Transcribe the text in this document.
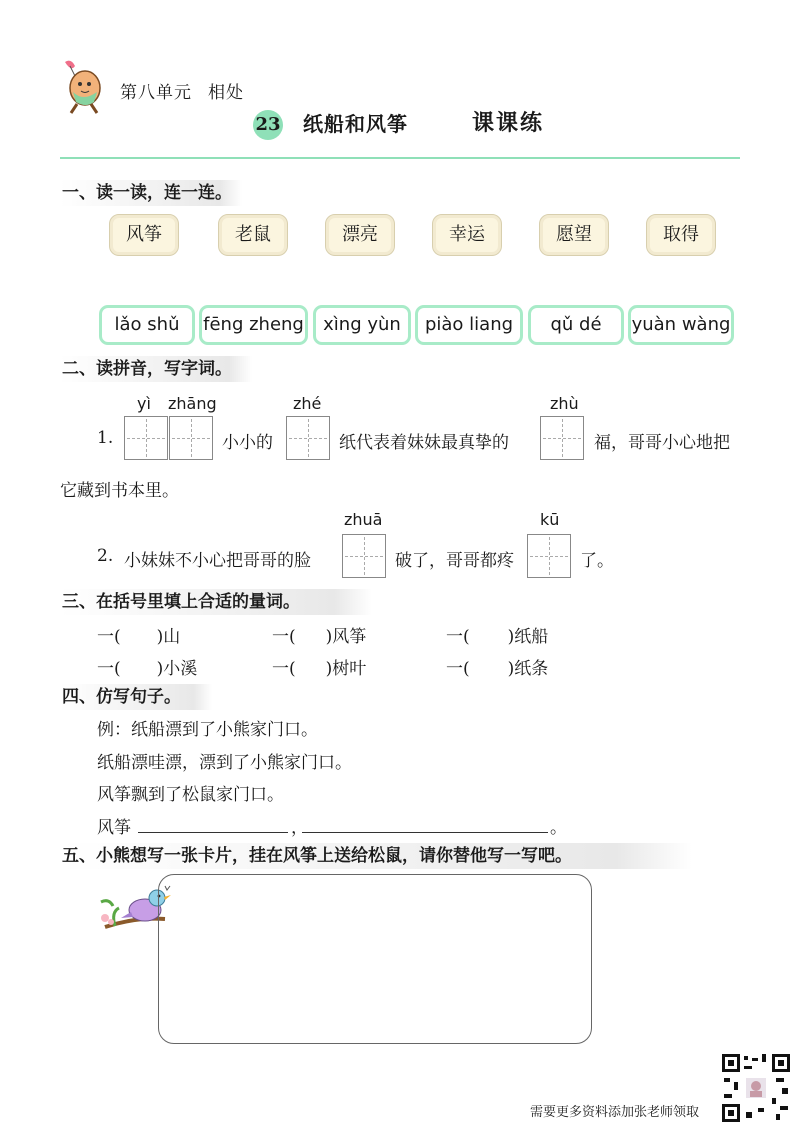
第八单元 相处
23 纸船和风筝	课课练
一、读一读，连一连。
风筝	老鼠	漂亮	幸运	愿望	取得
lǎo shǔ	fēng zheng	xìng yùn	piào liang	qǔ dé	yuàn wàng
二、读拼音，写字词。
yì zhāng	zhé	zhù
1.	小小的	纸代表着妹妹最真挚的	福，哥哥小心地把
它藏到书本里。
zhuā	kū
2. 小妹妹不小心把哥哥的脸	破了，哥哥都疼	了。
三、在括号里填上合适的量词。
一( )山	一( )风筝	一( )纸船
一( )小溪	一( )树叶	一( )纸条
四、仿写句子。
例：纸船漂到了小熊家门口。
纸船漂哇漂，漂到了小熊家门口。
风筝飘到了松鼠家门口。
风筝	，	。
五、小熊想写一张卡片，挂在风筝上送给松鼠，请你替他写一写吧。
需要更多资料添加张老师领取
